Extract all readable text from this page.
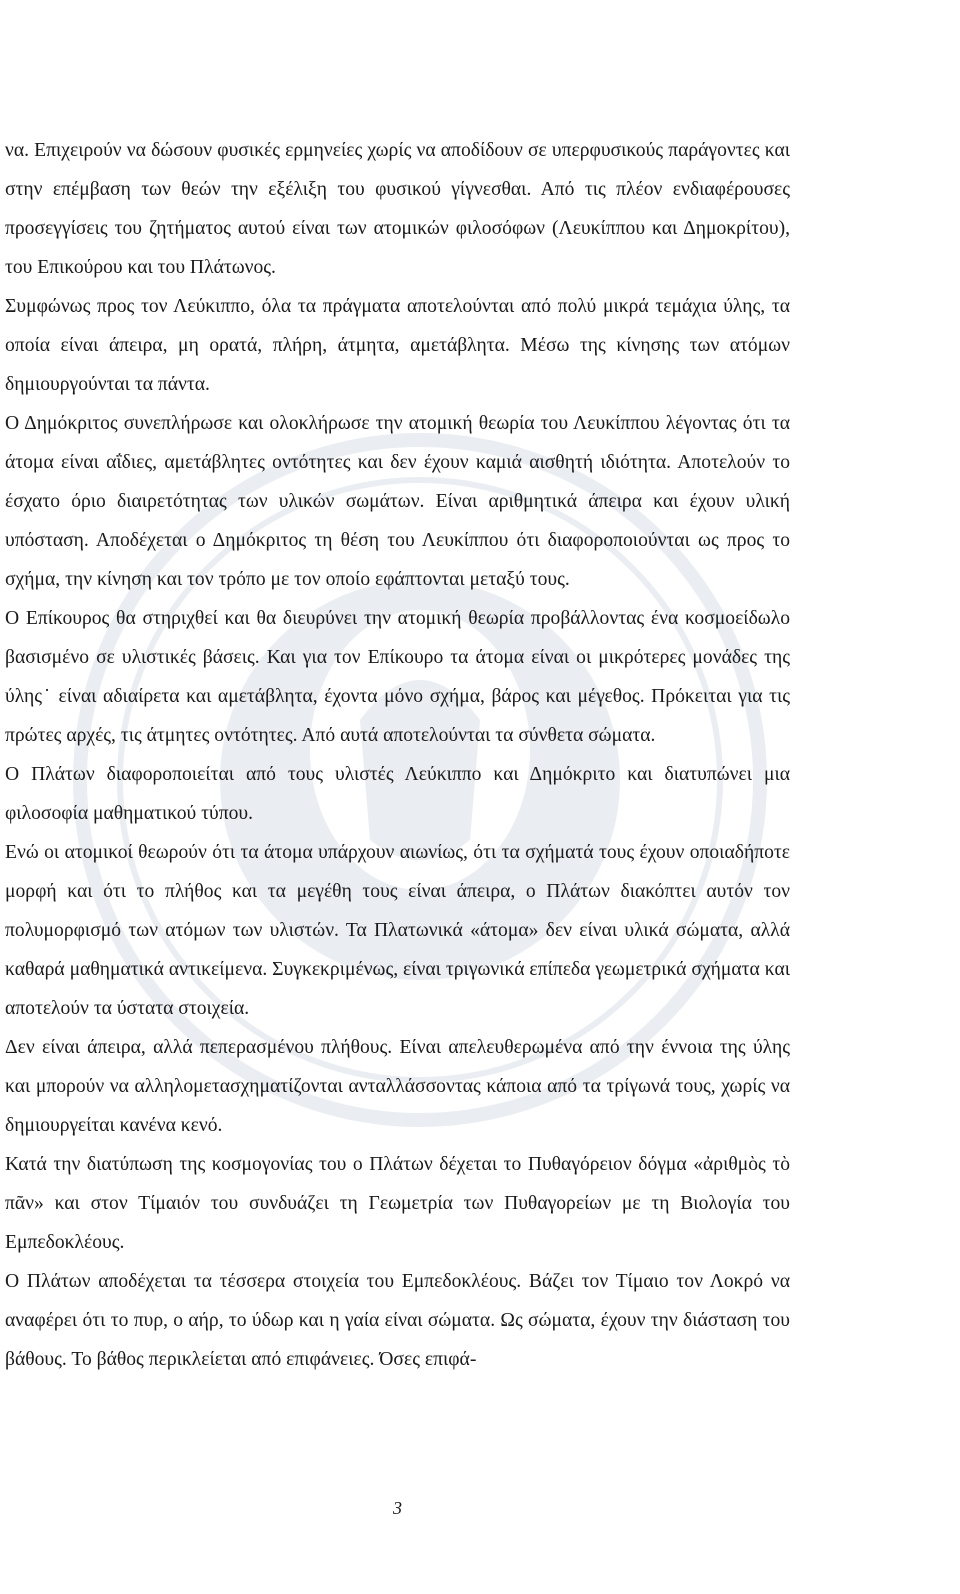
να. Επιχειρούν να δώσουν φυσικές ερμηνείες χωρίς να αποδίδουν σε υπερφυσικούς παράγοντες και στην επέμβαση των θεών την εξέλιξη του φυσικού γίγνεσθαι. Από τις πλέον ενδιαφέρουσες προσεγγίσεις του ζητήματος αυτού είναι των ατομικών φιλοσόφων (Λευκίππου και Δημοκρίτου), του Επικούρου και του Πλάτωνος.

Συμφώνως προς τον Λεύκιππο, όλα τα πράγματα αποτελούνται από πολύ μικρά τεμάχια ύλης, τα οποία είναι άπειρα, μη ορατά, πλήρη, άτμητα, αμετάβλητα. Μέσω της κίνησης των ατόμων δημιουργούνται τα πάντα.

Ο Δημόκριτος συνεπλήρωσε και ολοκλήρωσε την ατομική θεωρία του Λευκίππου λέγοντας ότι τα άτομα είναι αΐδιες, αμετάβλητες οντότητες και δεν έχουν καμιά αισθητή ιδιότητα. Αποτελούν το έσχατο όριο διαιρετότητας των υλικών σωμάτων. Είναι αριθμητικά άπειρα και έχουν υλική υπόσταση. Αποδέχεται ο Δημόκριτος τη θέση του Λευκίππου ότι διαφοροποιούνται ως προς το σχήμα, την κίνηση και τον τρόπο με τον οποίο εφάπτονται μεταξύ τους.

Ο Επίκουρος θα στηριχθεί και θα διευρύνει την ατομική θεωρία προβάλλοντας ένα κοσμοείδωλο βασισμένο σε υλιστικές βάσεις. Και για τον Επίκουρο τα άτομα είναι οι μικρότερες μονάδες της ύλης˙ είναι αδιαίρετα και αμετάβλητα, έχοντα μόνο σχήμα, βάρος και μέγεθος. Πρόκειται για τις πρώτες αρχές, τις άτμητες οντότητες. Από αυτά αποτελούνται τα σύνθετα σώματα.

Ο Πλάτων διαφοροποιείται από τους υλιστές Λεύκιππο και Δημόκριτο και διατυπώνει μια φιλοσοφία μαθηματικού τύπου.

Ενώ οι ατομικοί θεωρούν ότι τα άτομα υπάρχουν αιωνίως, ότι τα σχήματά τους έχουν οποιαδήποτε μορφή και ότι το πλήθος και τα μεγέθη τους είναι άπειρα, ο Πλάτων διακόπτει αυτόν τον πολυμορφισμό των ατόμων των υλιστών. Τα Πλατωνικά «άτομα» δεν είναι υλικά σώματα, αλλά καθαρά μαθηματικά αντικείμενα. Συγκεκριμένως, είναι τριγωνικά επίπεδα γεωμετρικά σχήματα και αποτελούν τα ύστατα στοιχεία.

Δεν είναι άπειρα, αλλά πεπερασμένου πλήθους. Είναι απελευθερωμένα από την έννοια της ύλης και μπορούν να αλληλομετασχηματίζονται ανταλλάσσοντας κάποια από τα τρίγωνά τους, χωρίς να δημιουργείται κανένα κενό.

Κατά την διατύπωση της κοσμογονίας του ο Πλάτων δέχεται το Πυθαγόρειον δόγμα «ἀριθμὸς τὸ πᾶν» και στον Τίμαιόν του συνδυάζει τη Γεωμετρία των Πυθαγορείων με τη Βιολογία του Εμπεδοκλέους.

Ο Πλάτων αποδέχεται τα τέσσερα στοιχεία του Εμπεδοκλέους. Βάζει τον Τίμαιο τον Λοκρό να αναφέρει ότι το πυρ, ο αήρ, το ύδωρ και η γαία είναι σώματα. Ως σώματα, έχουν την διάσταση του βάθους. Το βάθος περικλείεται από επιφάνειες. Όσες επιφά-

3
